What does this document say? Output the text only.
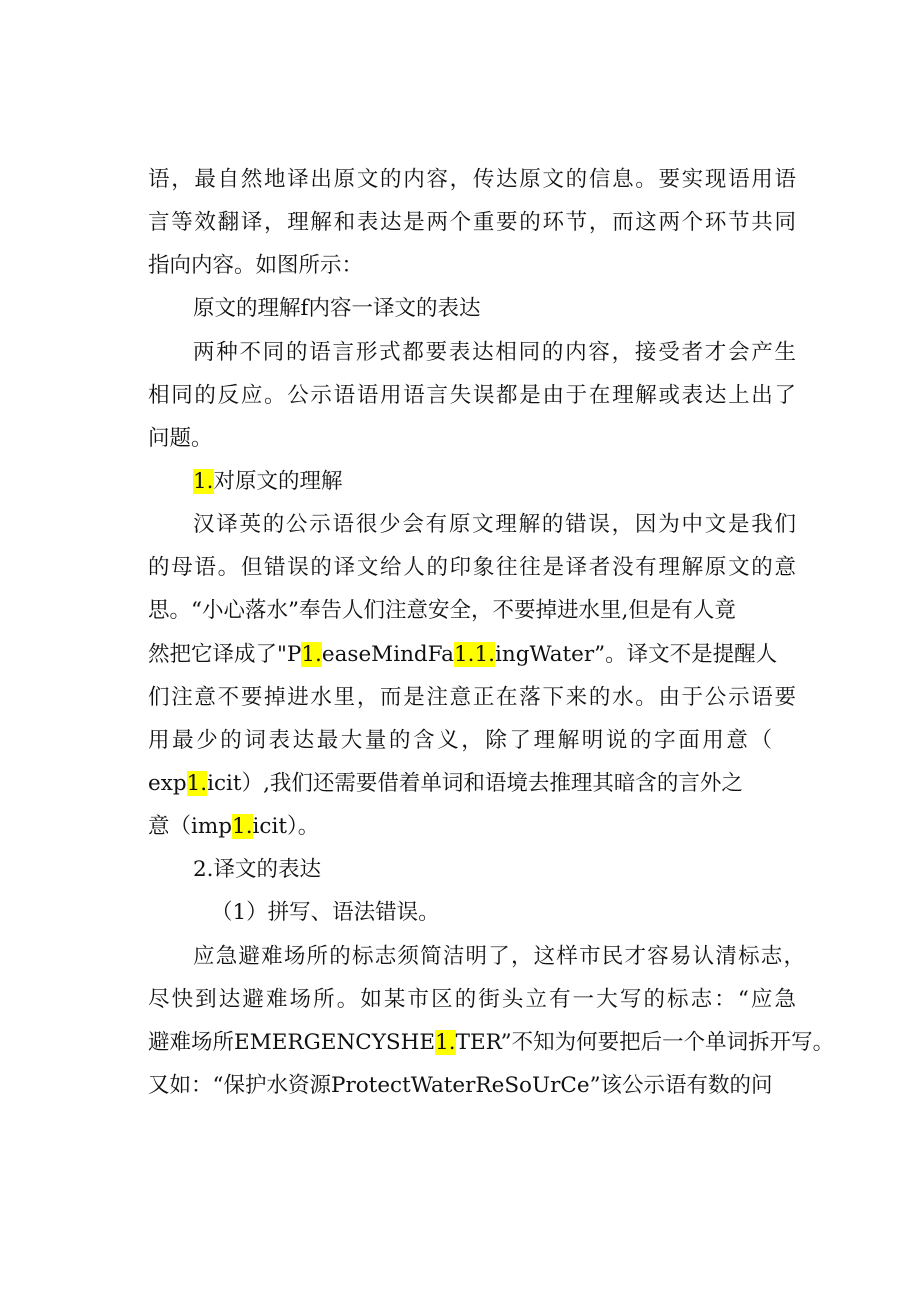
语，最自然地译出原文的内容，传达原文的信息。要实现语用语
言等效翻译，理解和表达是两个重要的环节，而这两个环节共同
指向内容。如图所示：
原文的理解f内容一译文的表达
两种不同的语言形式都要表达相同的内容，接受者才会产生
相同的反应。公示语语用语言失误都是由于在理解或表达上出了
问题。
1.对原文的理解
汉译英的公示语很少会有原文理解的错误，因为中文是我们
的母语。但错误的译文给人的印象往往是译者没有理解原文的意
思。“小心落水”奉告人们注意安全，不要掉进水里,但是有人竟
然把它译成了"P1.easeMindFa1.1.ingWater”。译文不是提醒人
们注意不要掉进水里，而是注意正在落下来的水。由于公示语要
用最少的词表达最大量的含义，除了理解明说的字面用意（
exp1.icit）,我们还需要借着单词和语境去推理其暗含的言外之
意（imp1.icit）。
2.译文的表达
（1）拼写、语法错误。
应急避难场所的标志须简洁明了，这样市民才容易认清标志，
尽快到达避难场所。如某市区的街头立有一大写的标志：“应急
避难场所EMERGENCYSHE1.TER”不知为何要把后一个单词拆开写。
又如：“保护水资源ProtectWaterReSoUrCe”该公示语有数的问
